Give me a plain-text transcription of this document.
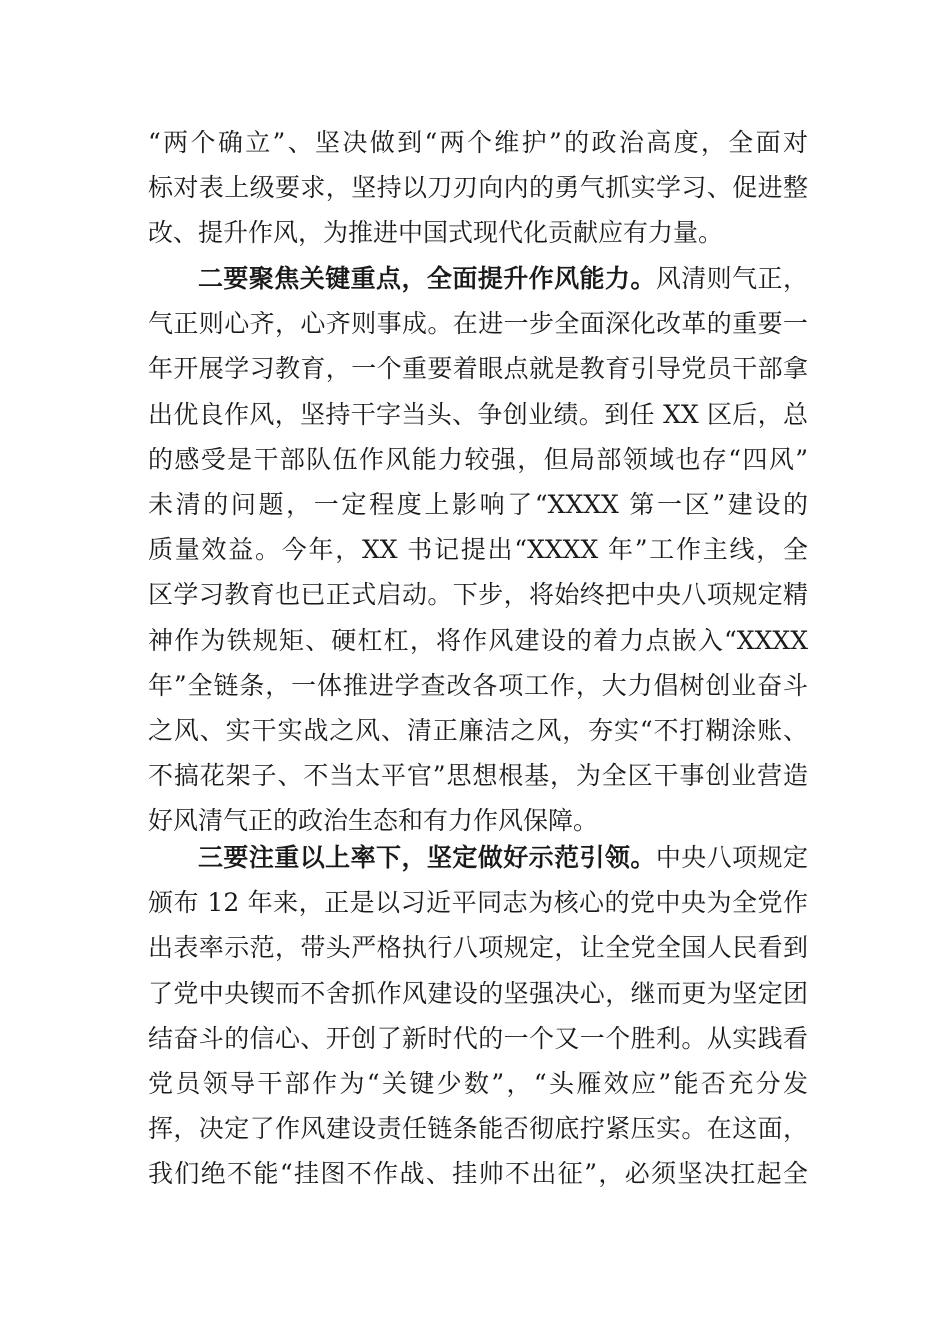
“两个确立”、坚决做到“两个维护”的政治高度，全面对
标对表上级要求，坚持以刀刃向内的勇气抓实学习、促进整
改、提升作风，为推进中国式现代化贡献应有力量。
二要聚焦关键重点，全面提升作风能力。风清则气正，
气正则心齐，心齐则事成。在进一步全面深化改革的重要一
年开展学习教育，一个重要着眼点就是教育引导党员干部拿
出优良作风，坚持干字当头、争创业绩。到任 XX 区后，总
的感受是干部队伍作风能力较强，但局部领域也存“四风”
未清的问题，一定程度上影响了“XXXX 第一区”建设的
质量效益。今年，XX 书记提出“XXXX 年”工作主线，全
区学习教育也已正式启动。下步，将始终把中央八项规定精
神作为铁规矩、硬杠杠，将作风建设的着力点嵌入“XXXX
年”全链条，一体推进学查改各项工作，大力倡树创业奋斗
之风、实干实战之风、清正廉洁之风，夯实“不打糊涂账、
不搞花架子、不当太平官”思想根基，为全区干事创业营造
好风清气正的政治生态和有力作风保障。
三要注重以上率下，坚定做好示范引领。中央八项规定
颁布 12 年来，正是以习近平同志为核心的党中央为全党作
出表率示范，带头严格执行八项规定，让全党全国人民看到
了党中央锲而不舍抓作风建设的坚强决心，继而更为坚定团
结奋斗的信心、开创了新时代的一个又一个胜利。从实践看
党员领导干部作为“关键少数”，“头雁效应”能否充分发
挥，决定了作风建设责任链条能否彻底拧紧压实。在这面，
我们绝不能“挂图不作战、挂帅不出征”，必须坚决扛起全
